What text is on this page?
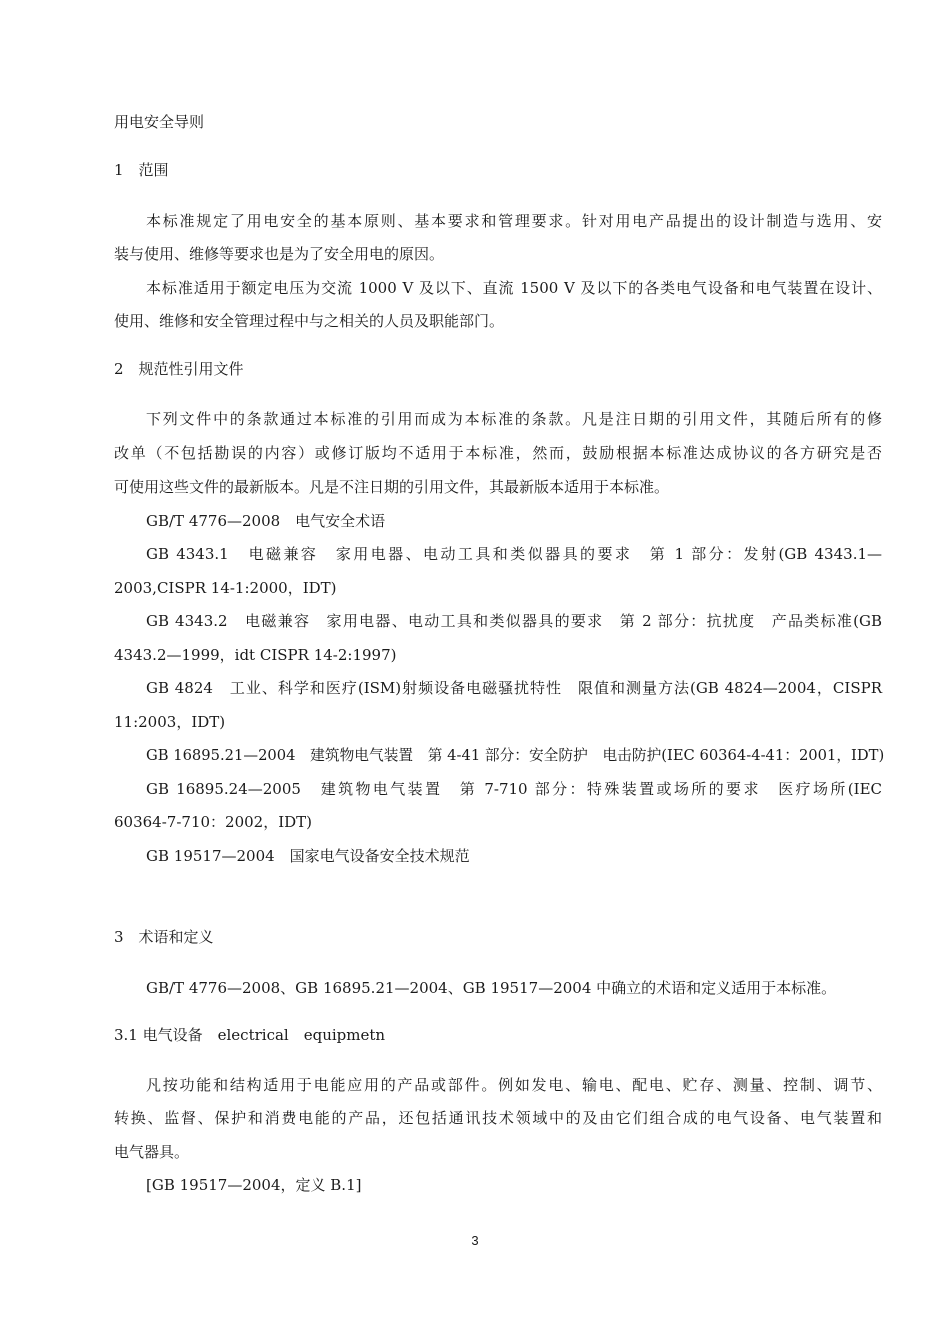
用电安全导则
1　范围
本标准规定了用电安全的基本原则、基本要求和管理要求。针对用电产品提出的设计制造与选用、安
装与使用、维修等要求也是为了安全用电的原因。
本标准适用于额定电压为交流 1000 V 及以下、直流 1500 V 及以下的各类电气设备和电气装置在设计、
使用、维修和安全管理过程中与之相关的人员及职能部门。
2　规范性引用文件
下列文件中的条款通过本标准的引用而成为本标准的条款。凡是注日期的引用文件，其随后所有的修
改单（不包括勘误的内容）或修订版均不适用于本标准，然而，鼓励根据本标准达成协议的各方研究是否
可使用这些文件的最新版本。凡是不注日期的引用文件，其最新版本适用于本标准。
GB/T 4776—2008　电气安全术语
GB 4343.1　电磁兼容　家用电器、电动工具和类似器具的要求　第 1 部分：发射(GB 4343.1—
2003,CISPR 14-1:2000，IDT)
GB 4343.2　电磁兼容　家用电器、电动工具和类似器具的要求　第 2 部分：抗扰度　产品类标准(GB
4343.2—1999，idt CISPR 14-2:1997)
GB 4824　工业、科学和医疗(ISM)射频设备电磁骚扰特性　限值和测量方法(GB 4824—2004，CISPR
11:2003，IDT)
GB 16895.21—2004　建筑物电气装置　第 4-41 部分：安全防护　电击防护(IEC 60364-4-41：2001，IDT)
GB 16895.24—2005　建筑物电气装置　第 7-710 部分：特殊装置或场所的要求　医疗场所(IEC
60364-7-710：2002，IDT)
GB 19517—2004　国家电气设备安全技术规范
3　术语和定义
GB/T 4776—2008、GB 16895.21—2004、GB 19517—2004 中确立的术语和定义适用于本标准。
3.1 电气设备　electrical　equipmetn
凡按功能和结构适用于电能应用的产品或部件。例如发电、输电、配电、贮存、测量、控制、调节、
转换、监督、保护和消费电能的产品，还包括通讯技术领域中的及由它们组合成的电气设备、电气装置和
电气器具。
[GB 19517—2004，定义 B.1]
3
